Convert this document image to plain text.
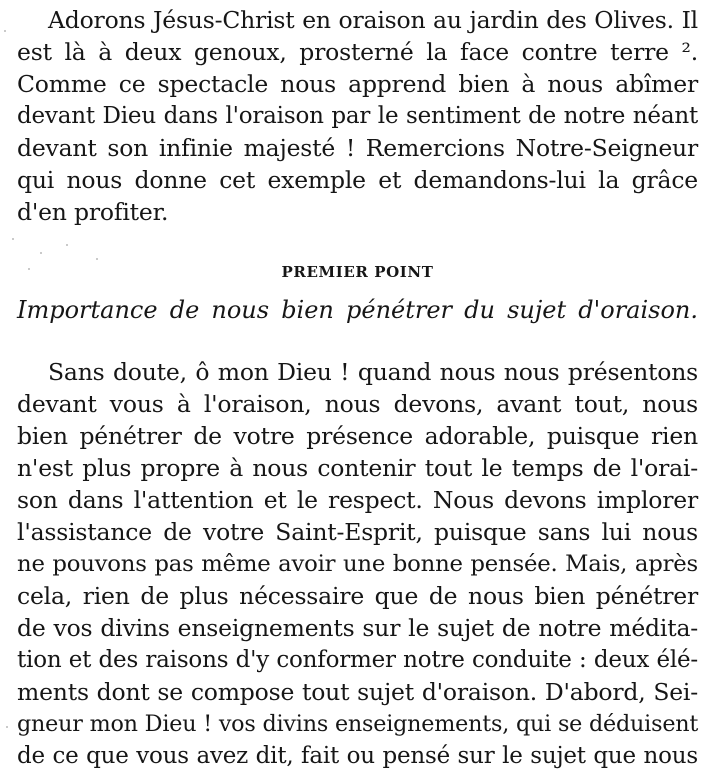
Adorons Jésus-Christ en oraison au jardin des Olives. Il
est là à deux genoux, prosterné la face contre terre ².
Comme ce spectacle nous apprend bien à nous abîmer
devant Dieu dans l'oraison par le sentiment de notre néant
devant son infinie majesté ! Remercions Notre-Seigneur
qui nous donne cet exemple et demandons-lui la grâce
d'en profiter.
PREMIER POINT
Importance de nous bien pénétrer du sujet d'oraison.
Sans doute, ô mon Dieu ! quand nous nous présentons
devant vous à l'oraison, nous devons, avant tout, nous
bien pénétrer de votre présence adorable, puisque rien
n'est plus propre à nous contenir tout le temps de l'orai-
son dans l'attention et le respect. Nous devons implorer
l'assistance de votre Saint-Esprit, puisque sans lui nous
ne pouvons pas même avoir une bonne pensée. Mais, après
cela, rien de plus nécessaire que de nous bien pénétrer
de vos divins enseignements sur le sujet de notre médita-
tion et des raisons d'y conformer notre conduite : deux élé-
ments dont se compose tout sujet d'oraison. D'abord, Sei-
gneur mon Dieu ! vos divins enseignements, qui se déduisent
de ce que vous avez dit, fait ou pensé sur le sujet que nous
